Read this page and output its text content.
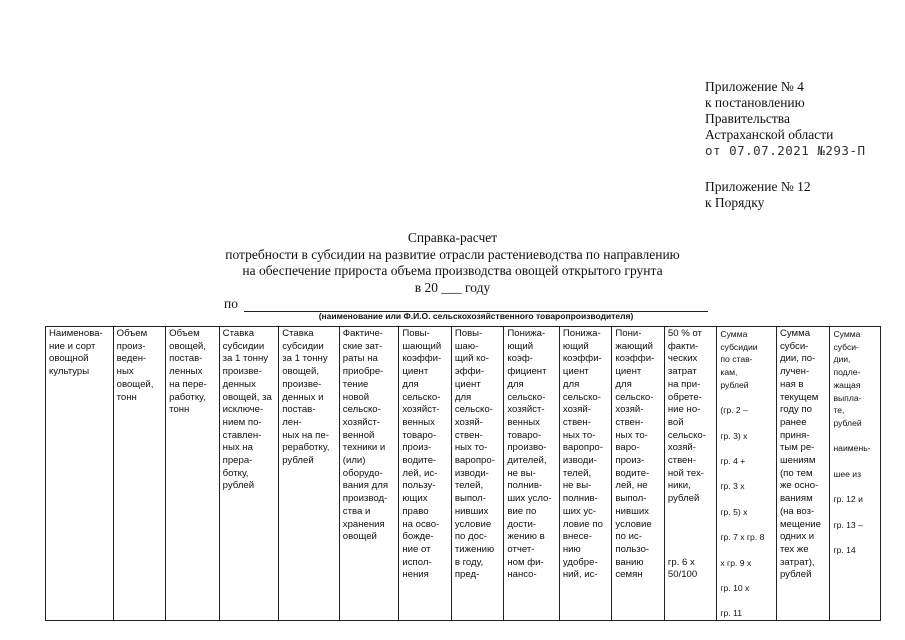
Приложение № 4
к постановлению
Правительства
Астраханской области
от 07.07.2021 №293-П
Приложение № 12
к Порядку
Справка-расчет
потребности в субсидии на развитие отрасли растениеводства по направлению
на обеспечение прироста объема производства овощей открытого грунта
в 20 ___ году
по
(наименование или Ф.И.О. сельскохозяйственного товаропроизводителя)
Наименова-
ние и сорт
овощной
культуры	Объем
произ-
веден-
ных
овощей,
тонн	Объем
овощей,
постав-
ленных
на пере-
работку,
тонн	Ставка
субсидии
за 1 тонну
произве-
денных
овощей, за
исключе-
нием по-
ставлен-
ных на
прера-
ботку,
рублей	Ставка
субсидии
за 1 тонну
овощей,
произве-
денных и
постав-
лен-
ных на пе-
реработку,
рублей	Фактиче-
ские зат-
раты на
приобре-
тение
новой
сельско-
хозяйст-
венной
техники и
(или)
оборудо-
вания для
производ-
ства и
хранения
овощей	Повы-
шающий
коэффи-
циент
для
сельско-
хозяйст-
венных
товаро-
произ-
водите-
лей, ис-
пользу-
ющих
право
на осво-
божде-
ние от
испол-
нения	Повы-
шаю-
щий ко-
эффи-
циент
для
сельско-
хозяй-
ствен-
ных то-
варопро-
изводи-
телей,
выпол-
нивших
условие
по дос-
тижению
в году,
пред-	Понижа-
ющий
коэф-
фициент
для
сельско-
хозяйст-
венных
товаро-
произво-
дителей,
не вы-
полнив-
ших усло-
вие по
дости-
жению в
отчет-
ном фи-
нансо-	Понижа-
ющий
коэффи-
циент
для
сельско-
хозяй-
ствен-
ных то-
варопро-
изводи-
телей,
не вы-
полнив-
ших ус-
ловие по
внесе-
нию
удобре-
ний, ис-	Пони-
жающий
коэффи-
циент
для
сельско-
хозяй-
ствен-
ных то-
варо-
произ-
водите-
лей, не
выпол-
нивших
условие
по ис-
пользо-
ванию
семян	50 % от
факти-
ческих
затрат
на при-
обрете-
ние но-
вой
сельско-
хозяй-
ствен-
ной тех-
ники,
рублей

гр. 6 х
50/100	Сумма
субсидии
по став-
кам,
рублей

(гр. 2 –

гр. 3) х

гр. 4 +

гр. 3 х

гр. 5) х

гр. 7 х гр. 8

х гр. 9 х

гр. 10 х

гр. 11	Сумма
субси-
дии, по-
лучен-
ная в
текущем
году по
ранее
приня-
тым ре-
шениям
(по тем
же осно-
ваниям
(на воз-
мещение
одних и
тех же
затрат),
рублей	Сумма
субси-
дии,
подле-
жащая
выпла-
те,
рублей

наимень-

шее из

гр. 12 и

гр. 13 –

гр. 14
